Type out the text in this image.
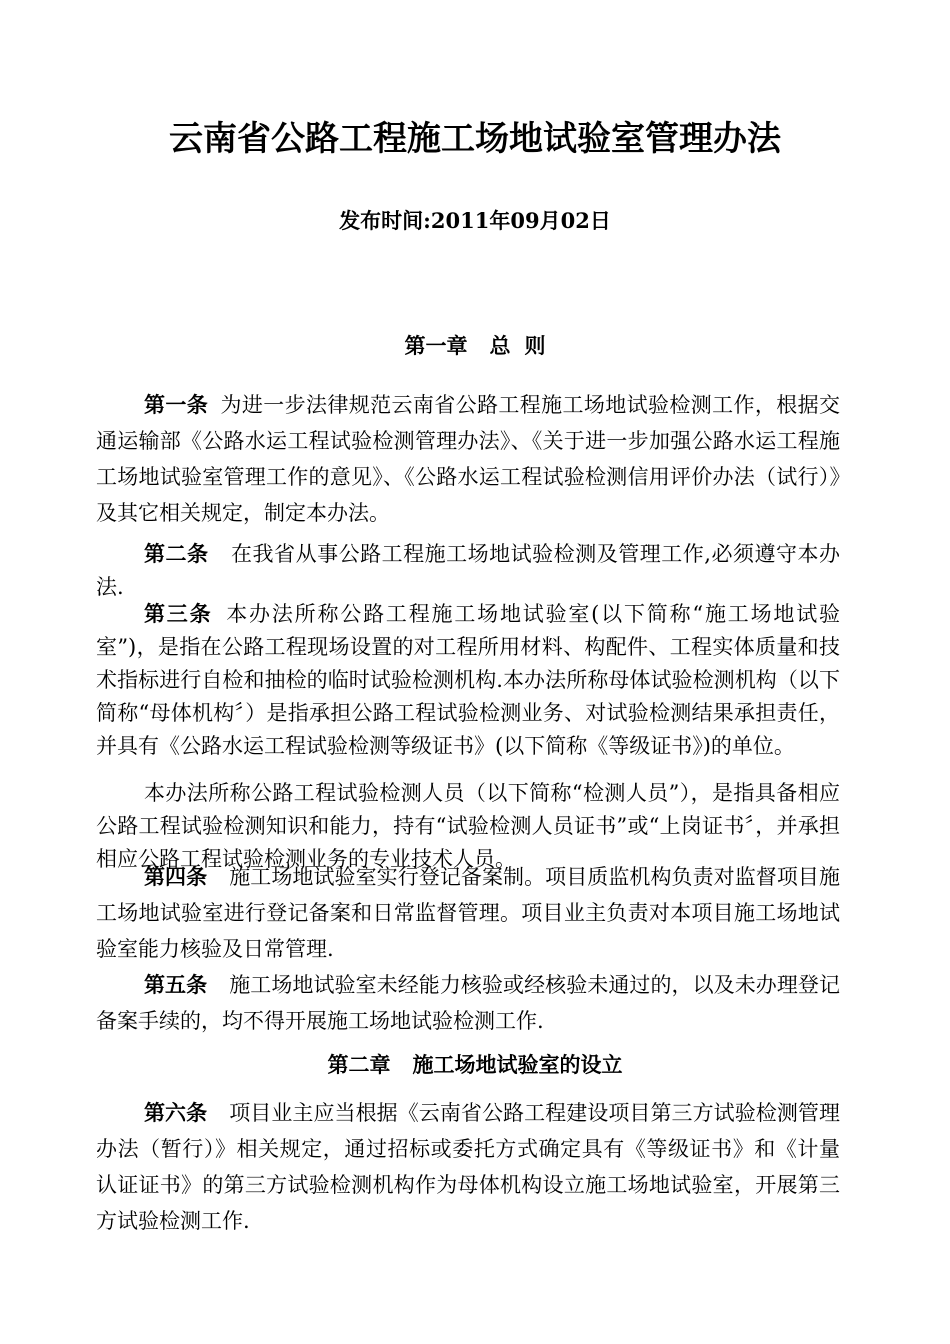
云南省公路工程施工场地试验室管理办法
发布时间:2011年09月02日
第一章 总 则
第一条 为进一步法律规范云南省公路工程施工场地试验检测工作，根据交通运输部《公路水运工程试验检测管理办法》、《关于进一步加强公路水运工程施工场地试验室管理工作的意见》、《公路水运工程试验检测信用评价办法（试行）》及其它相关规定，制定本办法。
第二条 在我省从事公路工程施工场地试验检测及管理工作,必须遵守本办法.
第三条 本办法所称公路工程施工场地试验室(以下简称“施工场地试验室”)，是指在公路工程现场设置的对工程所用材料、构配件、工程实体质量和技术指标进行自检和抽检的临时试验检测机构.本办法所称母体试验检测机构（以下简称“母体机构〞）是指承担公路工程试验检测业务、对试验检测结果承担责任，并具有《公路水运工程试验检测等级证书》(以下简称《等级证书》)的单位。
本办法所称公路工程试验检测人员（以下简称“检测人员”），是指具备相应公路工程试验检测知识和能力，持有“试验检测人员证书”或“上岗证书〞，并承担相应公路工程试验检测业务的专业技术人员。
第四条 施工场地试验室实行登记备案制。项目质监机构负责对监督项目施工场地试验室进行登记备案和日常监督管理。项目业主负责对本项目施工场地试验室能力核验及日常管理.
第五条 施工场地试验室未经能力核验或经核验未通过的，以及未办理登记备案手续的，均不得开展施工场地试验检测工作.
第二章 施工场地试验室的设立
第六条 项目业主应当根据《云南省公路工程建设项目第三方试验检测管理办法（暂行）》相关规定，通过招标或委托方式确定具有《等级证书》和《计量认证证书》的第三方试验检测机构作为母体机构设立施工场地试验室，开展第三方试验检测工作.
